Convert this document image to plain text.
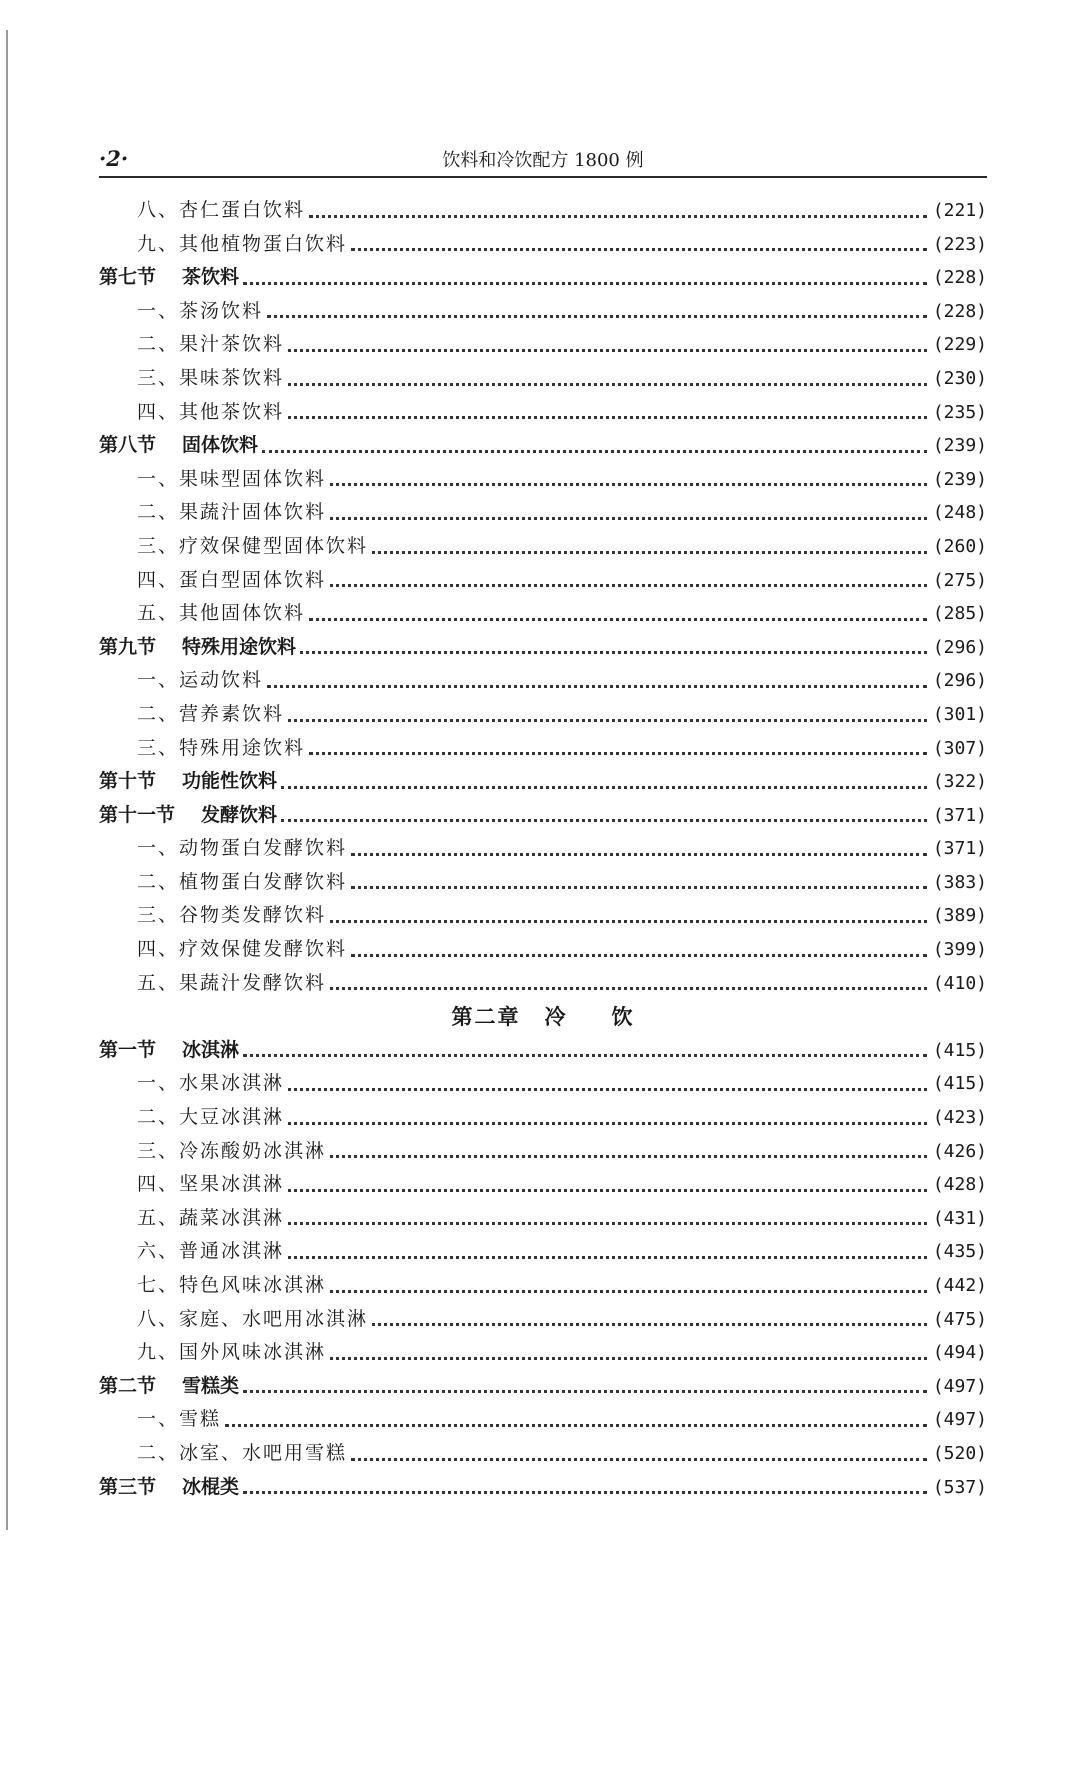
·2·	饮料和冷饮配方 1800 例
八、杏仁蛋白饮料	(221)
九、其他植物蛋白饮料	(223)
第七节 茶饮料	(228)
一、茶汤饮料	(228)
二、果汁茶饮料	(229)
三、果味茶饮料	(230)
四、其他茶饮料	(235)
第八节 固体饮料	(239)
一、果味型固体饮料	(239)
二、果蔬汁固体饮料	(248)
三、疗效保健型固体饮料	(260)
四、蛋白型固体饮料	(275)
五、其他固体饮料	(285)
第九节 特殊用途饮料	(296)
一、运动饮料	(296)
二、营养素饮料	(301)
三、特殊用途饮料	(307)
第十节 功能性饮料	(322)
第十一节 发酵饮料	(371)
一、动物蛋白发酵饮料	(371)
二、植物蛋白发酵饮料	(383)
三、谷物类发酵饮料	(389)
四、疗效保健发酵饮料	(399)
五、果蔬汁发酵饮料	(410)
第二章 冷 饮
第一节 冰淇淋	(415)
一、水果冰淇淋	(415)
二、大豆冰淇淋	(423)
三、冷冻酸奶冰淇淋	(426)
四、坚果冰淇淋	(428)
五、蔬菜冰淇淋	(431)
六、普通冰淇淋	(435)
七、特色风味冰淇淋	(442)
八、家庭、水吧用冰淇淋	(475)
九、国外风味冰淇淋	(494)
第二节 雪糕类	(497)
一、雪糕	(497)
二、冰室、水吧用雪糕	(520)
第三节 冰棍类	(537)
